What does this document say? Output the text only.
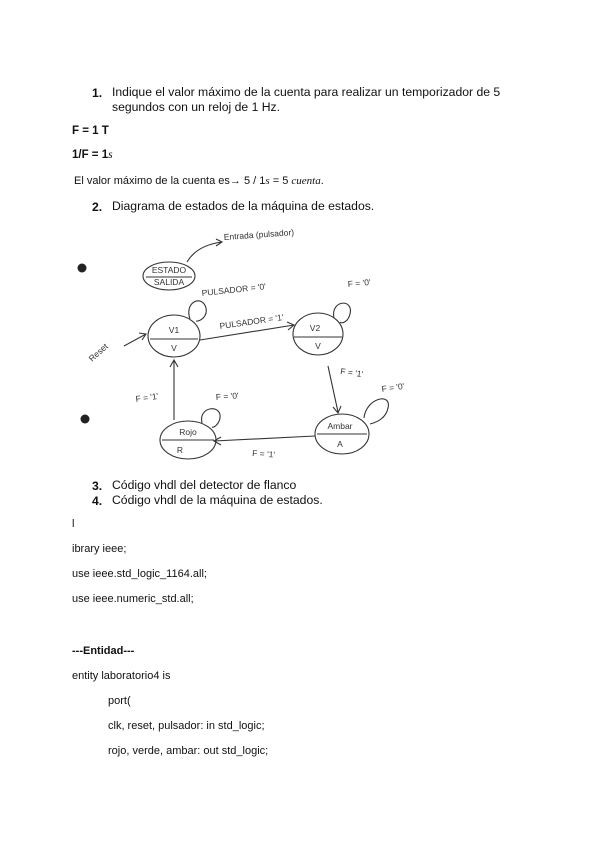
1. Indique el valor máximo de la cuenta para realizar un temporizador de 5
segundos con un reloj de 1 Hz.
F = 1 T
1/F = 1s
El valor máximo de la cuenta es→ 5 / 1s = 5 cuenta.
2. Diagrama de estados de la máquina de estados.
Entrada (pulsador)
ESTADO
SALIDA
Reset
V1
V
PULSADOR = '0'
PULSADOR = '1'	V2
V
F = '0'
F = '1'
Ambar
A
F = '0'
F = '1'
Rojo
R
F = '0'
F = '1'
3. Código vhdl del detector de flanco
4. Código vhdl de la máquina de estados.
l
ibrary ieee;
use ieee.std_logic_1164.all;
use ieee.numeric_std.all;
---Entidad---
entity laboratorio4 is
port(
clk, reset, pulsador: in std_logic;
rojo, verde, ambar: out std_logic;
